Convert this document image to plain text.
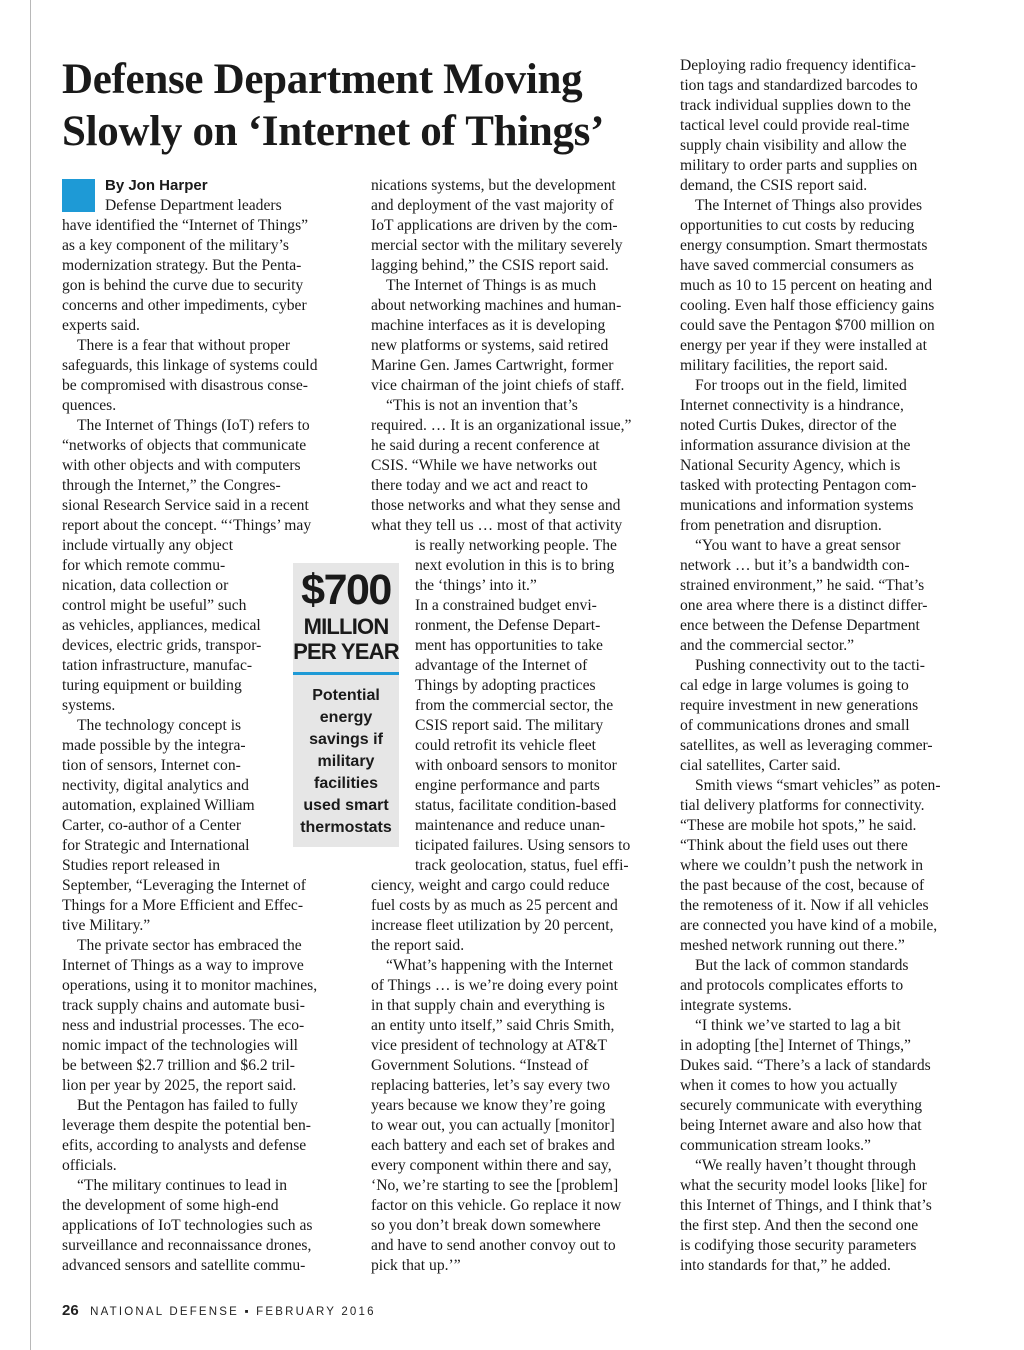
Defense Department Moving Slowly on ‘Internet of Things’
By Jon Harper
Defense Department leaders
have identified the “Internet of Things”
as a key component of the military’s
modernization strategy. But the Penta-
gon is behind the curve due to security
concerns and other impediments, cyber
experts said.
There is a fear that without proper
safeguards, this linkage of systems could
be compromised with disastrous conse-
quences.
The Internet of Things (IoT) refers to
“networks of objects that communicate
with other objects and with computers
through the Internet,” the Congres-
sional Research Service said in a recent
report about the concept. “‘Things’ may
include virtually any object
for which remote commu-
nication, data collection or
control might be useful” such
as vehicles, appliances, medical
devices, electric grids, transpor-
tation infrastructure, manufac-
turing equipment or building
systems.
The technology concept is
made possible by the integra-
tion of sensors, Internet con-
nectivity, digital analytics and
automation, explained William
Carter, co-author of a Center
for Strategic and International
Studies report released in
September, “Leveraging the Internet of
Things for a More Efficient and Effec-
tive Military.”
The private sector has embraced the
Internet of Things as a way to improve
operations, using it to monitor machines,
track supply chains and automate busi-
ness and industrial processes. The eco-
nomic impact of the technologies will
be between $2.7 trillion and $6.2 tril-
lion per year by 2025, the report said.
But the Pentagon has failed to fully
leverage them despite the potential ben-
efits, according to analysts and defense
officials.
“The military continues to lead in
the development of some high-end
applications of IoT technologies such as
surveillance and reconnaissance drones,
advanced sensors and satellite commu-
nications systems, but the development
and deployment of the vast majority of
IoT applications are driven by the com-
mercial sector with the military severely
lagging behind,” the CSIS report said.
The Internet of Things is as much
about networking machines and human-
machine interfaces as it is developing
new platforms or systems, said retired
Marine Gen. James Cartwright, former
vice chairman of the joint chiefs of staff.
“This is not an invention that’s
required. … It is an organizational issue,”
he said during a recent conference at
CSIS. “While we have networks out
there today and we act and react to
those networks and what they sense and
what they tell us … most of that activity
is really networking people. The
next evolution in this is to bring
the ‘things’ into it.”
In a constrained budget envi-
ronment, the Defense Depart-
ment has opportunities to take
advantage of the Internet of
Things by adopting practices
from the commercial sector, the
CSIS report said. The military
could retrofit its vehicle fleet
with onboard sensors to monitor
engine performance and parts
status, facilitate condition-based
maintenance and reduce unan-
ticipated failures. Using sensors to
track geolocation, status, fuel effi-
ciency, weight and cargo could reduce
fuel costs by as much as 25 percent and
increase fleet utilization by 20 percent,
the report said.
“What’s happening with the Internet
of Things … is we’re doing every point
in that supply chain and everything is
an entity unto itself,” said Chris Smith,
vice president of technology at AT&T
Government Solutions. “Instead of
replacing batteries, let’s say every two
years because we know they’re going
to wear out, you can actually [monitor]
each battery and each set of brakes and
every component within there and say,
‘No, we’re starting to see the [problem]
factor on this vehicle. Go replace it now
so you don’t break down somewhere
and have to send another convoy out to
pick that up.’”
Deploying radio frequency identifica-
tion tags and standardized barcodes to
track individual supplies down to the
tactical level could provide real-time
supply chain visibility and allow the
military to order parts and supplies on
demand, the CSIS report said.
The Internet of Things also provides
opportunities to cut costs by reducing
energy consumption. Smart thermostats
have saved commercial consumers as
much as 10 to 15 percent on heating and
cooling. Even half those efficiency gains
could save the Pentagon $700 million on
energy per year if they were installed at
military facilities, the report said.
For troops out in the field, limited
Internet connectivity is a hindrance,
noted Curtis Dukes, director of the
information assurance division at the
National Security Agency, which is
tasked with protecting Pentagon com-
munications and information systems
from penetration and disruption.
“You want to have a great sensor
network … but it’s a bandwidth con-
strained environment,” he said. “That’s
one area where there is a distinct differ-
ence between the Defense Department
and the commercial sector.”
Pushing connectivity out to the tacti-
cal edge in large volumes is going to
require investment in new generations
of communications drones and small
satellites, as well as leveraging commer-
cial satellites, Carter said.
Smith views “smart vehicles” as poten-
tial delivery platforms for connectivity.
“These are mobile hot spots,” he said.
“Think about the field uses out there
where we couldn’t push the network in
the past because of the cost, because of
the remoteness of it. Now if all vehicles
are connected you have kind of a mobile,
meshed network running out there.”
But the lack of common standards
and protocols complicates efforts to
integrate systems.
“I think we’ve started to lag a bit
in adopting [the] Internet of Things,”
Dukes said. “There’s a lack of standards
when it comes to how you actually
securely communicate with everything
being Internet aware and also how that
communication stream looks.”
“We really haven’t thought through
what the security model looks [like] for
this Internet of Things, and I think that’s
the first step. And then the second one
is codifying those security parameters
into standards for that,” he added.
$700
MILLION
PER YEAR
Potential energy savings if military facilities used smart thermostats
26 NATIONAL DEFENSE ▪ FEBRUARY 2016
